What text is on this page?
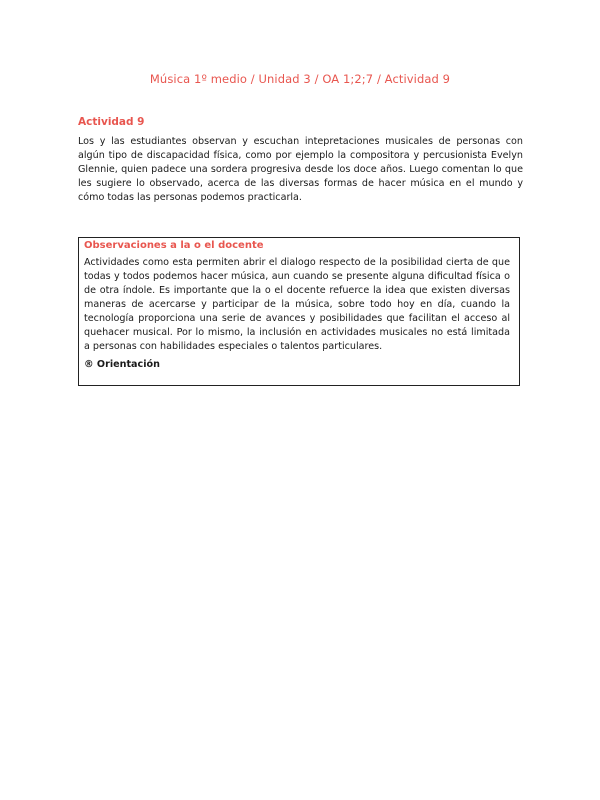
Música 1º medio / Unidad 3 / OA 1;2;7 / Actividad 9
Actividad 9

Los y las estudiantes observan y escuchan intepretaciones musicales de personas con algún tipo de discapacidad física, como por ejemplo la compositora y percusionista Evelyn Glennie, quien padece una sordera progresiva desde los doce años. Luego comentan lo que les sugiere lo observado, acerca de las diversas formas de hacer música en el mundo y cómo todas las personas podemos practicarla.

Observaciones a la o el docente

Actividades como esta permiten abrir el dialogo respecto de la posibilidad cierta de que todas y todos podemos hacer música, aun cuando se presente alguna dificultad física o de otra índole. Es importante que la o el docente refuerce la idea que existen diversas maneras de acercarse y participar de la música, sobre todo hoy en día, cuando la tecnología proporciona una serie de avances y posibilidades que facilitan el acceso al quehacer musical. Por lo mismo, la inclusión en actividades musicales no está limitada a personas con habilidades especiales o talentos particulares.

® Orientación
